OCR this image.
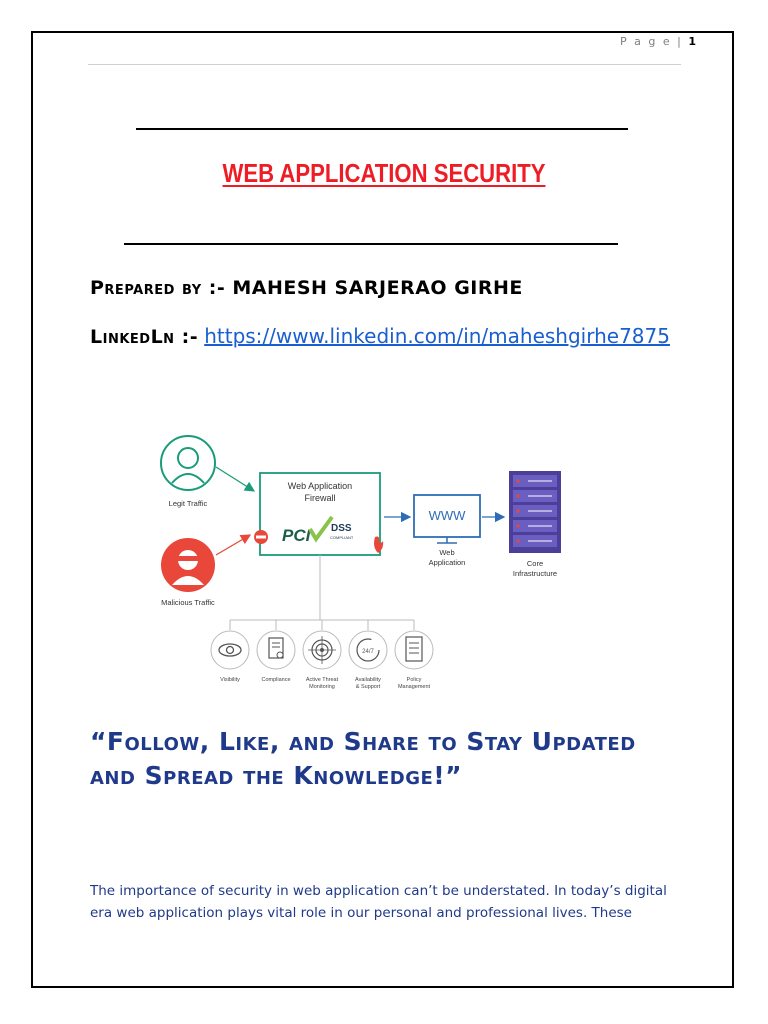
P a g e | 1
WEB APPLICATION SECURITY
Prepared by :- MAHESH SARJERAO GIRHE
LinkedLn :- https://www.linkedin.com/in/maheshgirhe7875
Legit Traffic
Malicious Traffic
Web Application
Firewall
PCI DSS
COMPLIANT
WWW
Web
Application	Core
Infrastructure
24/7
Visibility	Compliance	Active Threat
Monitoring
Availability
& Support
Policy
Management
“Follow, Like, and Share to Stay Updated
and Spread the Knowledge!”
The importance of security in web application can’t be understated. In today’s digital
era web application plays vital role in our personal and professional lives. These
